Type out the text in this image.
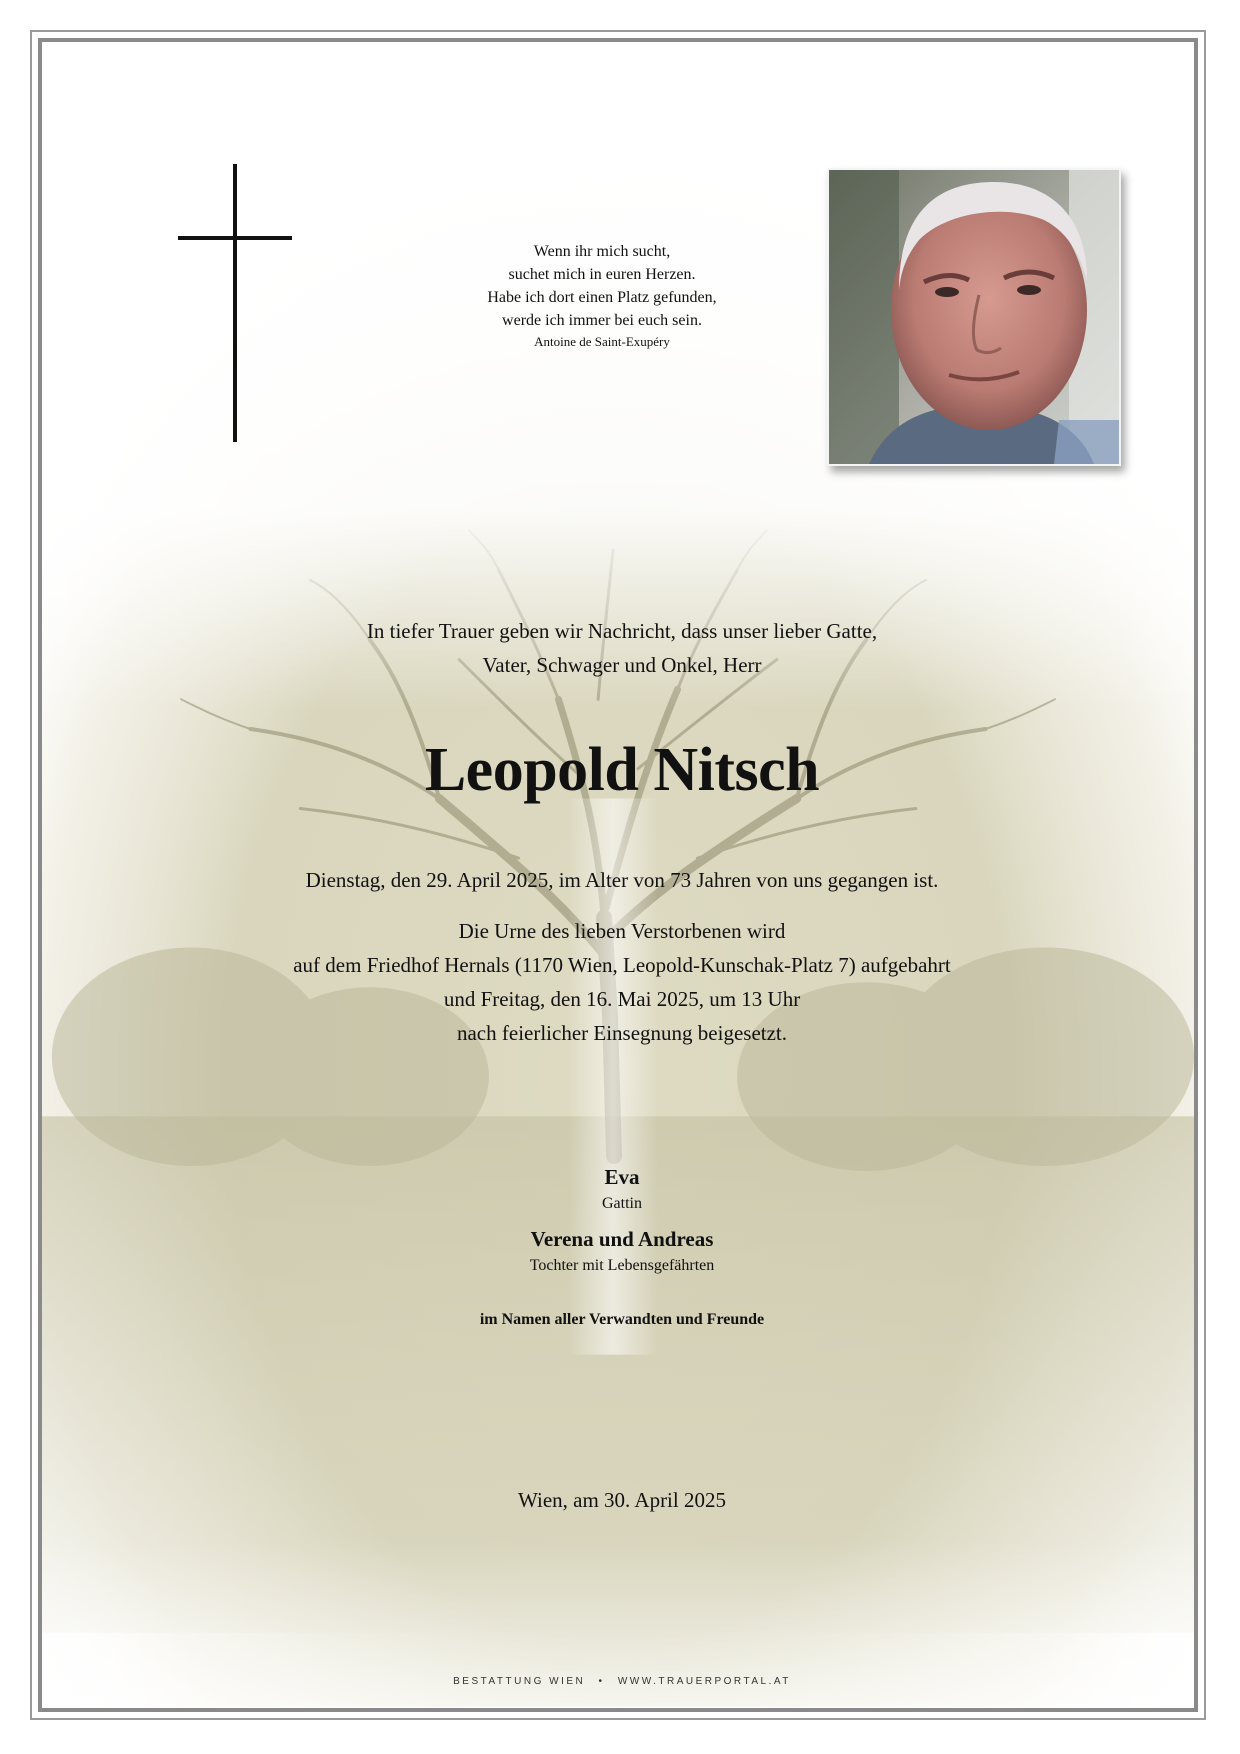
Wenn ihr mich sucht,
suchet mich in euren Herzen.
Habe ich dort einen Platz gefunden,
werde ich immer bei euch sein.
Antoine de Saint-Exupéry
In tiefer Trauer geben wir Nachricht, dass unser lieber Gatte,
Vater, Schwager und Onkel, Herr
Leopold Nitsch
Dienstag, den 29. April 2025, im Alter von 73 Jahren von uns gegangen ist.
Die Urne des lieben Verstorbenen wird
auf dem Friedhof Hernals (1170 Wien, Leopold-Kunschak-Platz 7) aufgebahrt
und Freitag, den 16. Mai 2025, um 13 Uhr
nach feierlicher Einsegnung beigesetzt.
Eva
Gattin
Verena und Andreas
Tochter mit Lebensgefährten
im Namen aller Verwandten und Freunde
Wien, am 30. April 2025
BESTATTUNG WIEN • WWW.TRAUERPORTAL.AT
